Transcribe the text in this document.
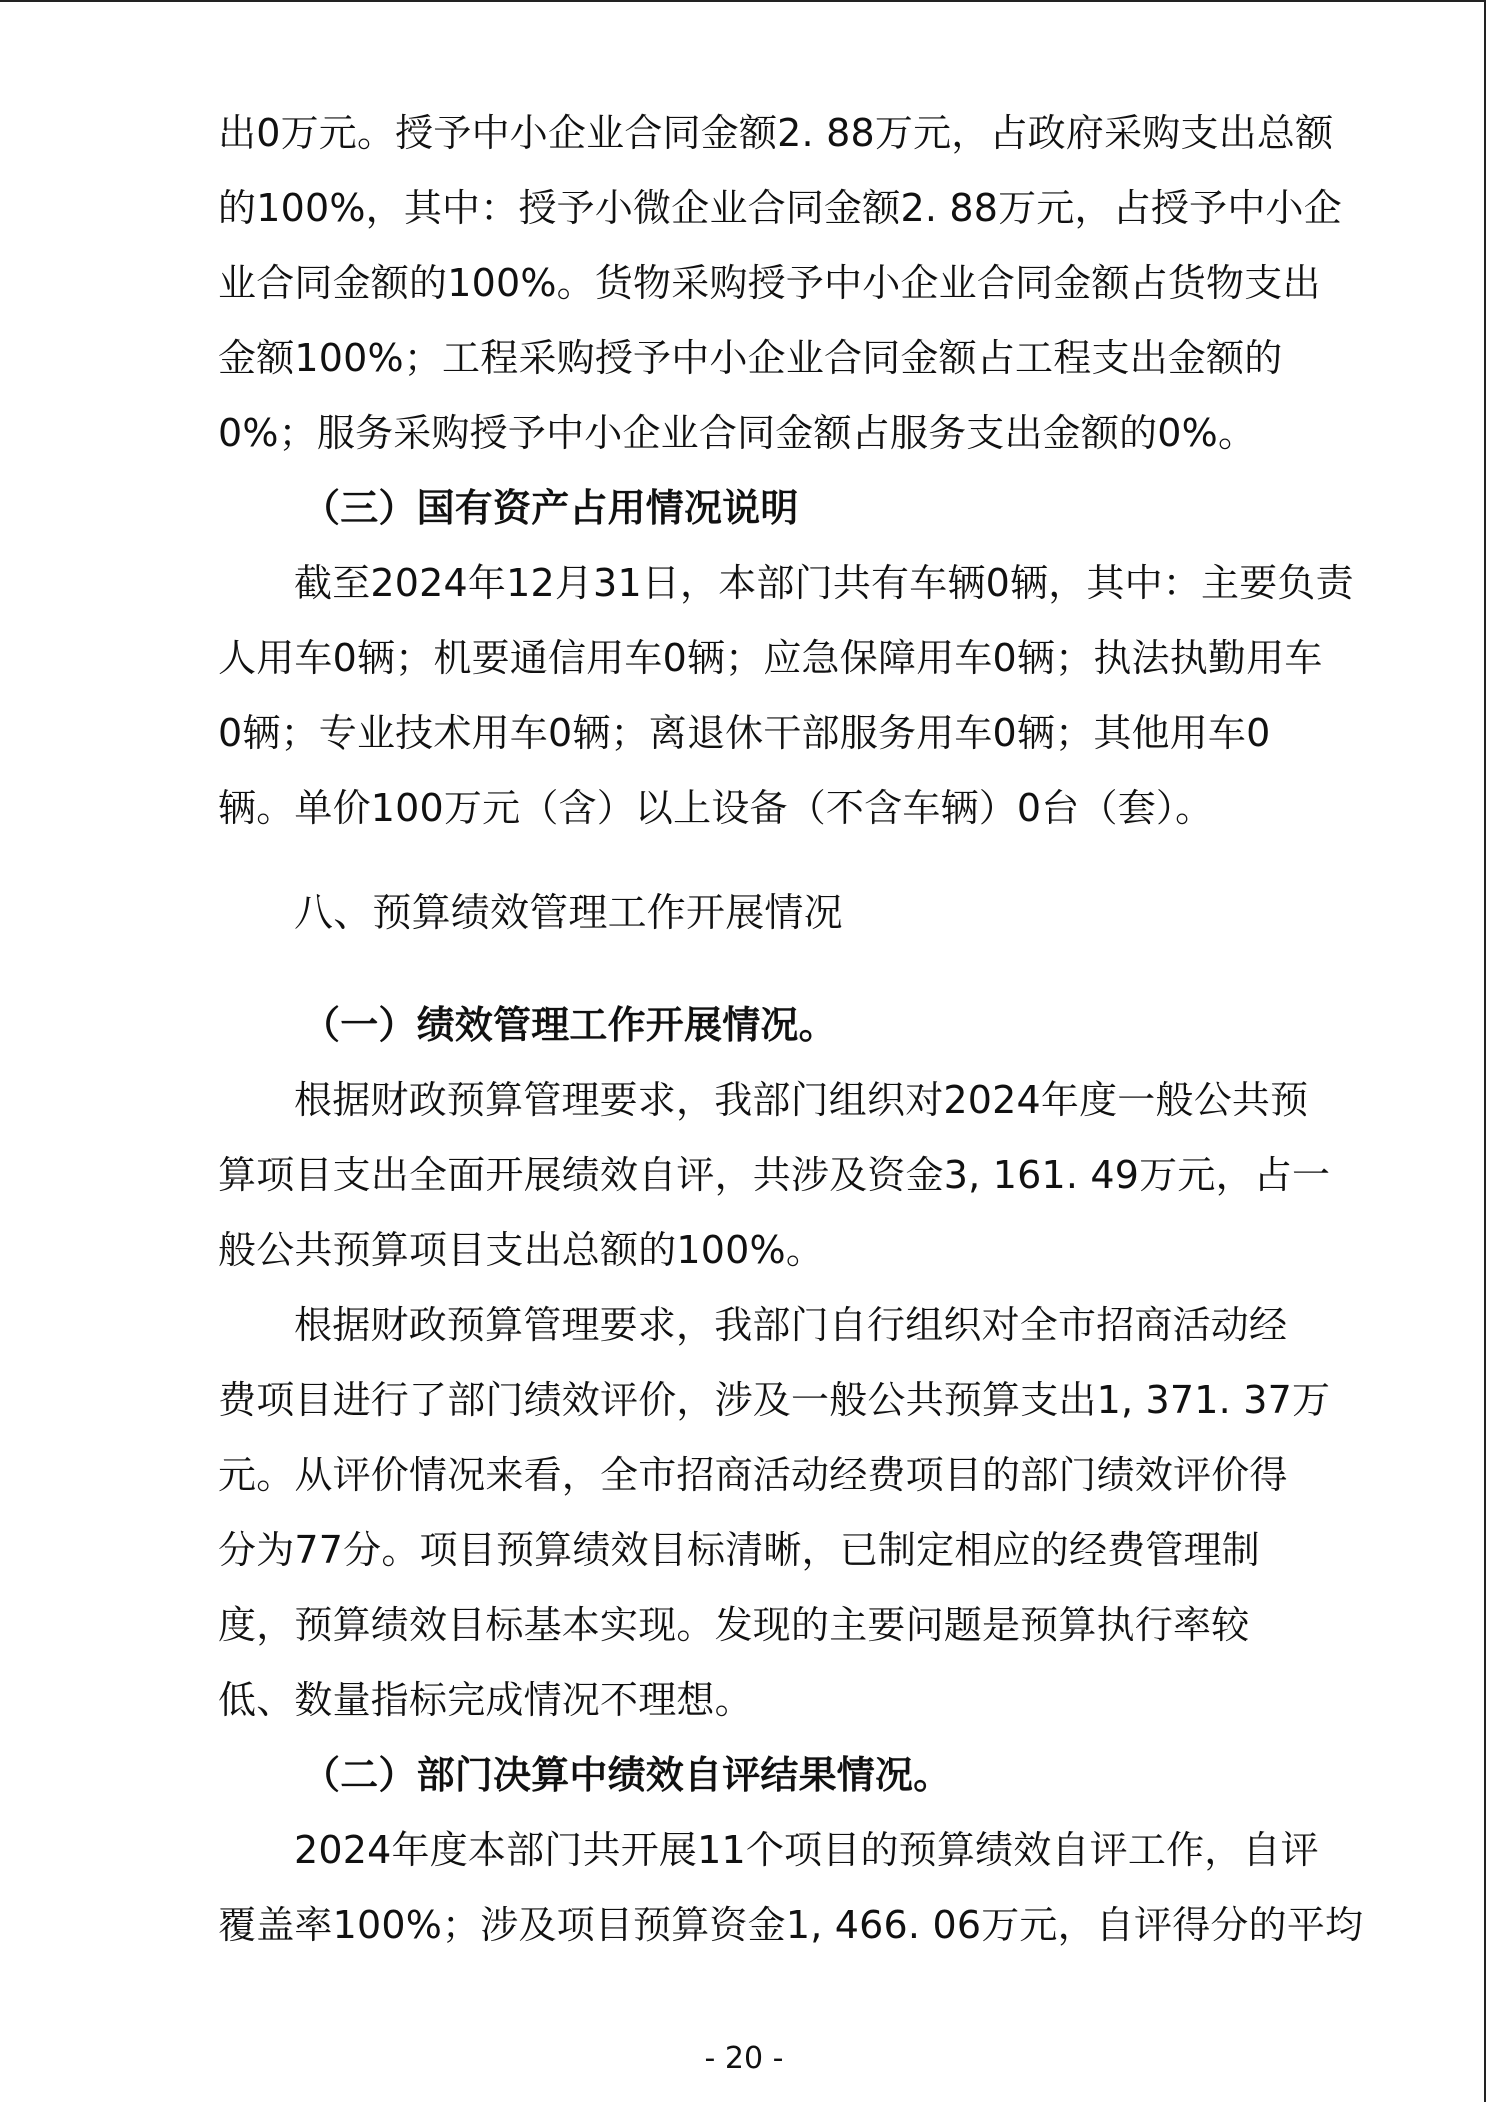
出0万元。授予中小企业合同金额2. 88万元，占政府采购支出总额
的100%，其中：授予小微企业合同金额2. 88万元，占授予中小企
业合同金额的100%。货物采购授予中小企业合同金额占货物支出
金额100%；工程采购授予中小企业合同金额占工程支出金额的
0%；服务采购授予中小企业合同金额占服务支出金额的0%。
（三）国有资产占用情况说明
截至2024年12月31日，本部门共有车辆0辆，其中：主要负责
人用车0辆；机要通信用车0辆；应急保障用车0辆；执法执勤用车
0辆；专业技术用车0辆；离退休干部服务用车0辆；其他用车0
辆。单价100万元（含）以上设备（不含车辆）0台（套）。
八、预算绩效管理工作开展情况
（一）绩效管理工作开展情况。
根据财政预算管理要求，我部门组织对2024年度一般公共预
算项目支出全面开展绩效自评，共涉及资金3, 161. 49万元，占一
般公共预算项目支出总额的100%。
根据财政预算管理要求，我部门自行组织对全市招商活动经
费项目进行了部门绩效评价，涉及一般公共预算支出1, 371. 37万
元。从评价情况来看，全市招商活动经费项目的部门绩效评价得
分为77分。项目预算绩效目标清晰，已制定相应的经费管理制
度，预算绩效目标基本实现。发现的主要问题是预算执行率较
低、数量指标完成情况不理想。
（二）部门决算中绩效自评结果情况。
2024年度本部门共开展11个项目的预算绩效自评工作，自评
覆盖率100%；涉及项目预算资金1, 466. 06万元，自评得分的平均
- 20 -
